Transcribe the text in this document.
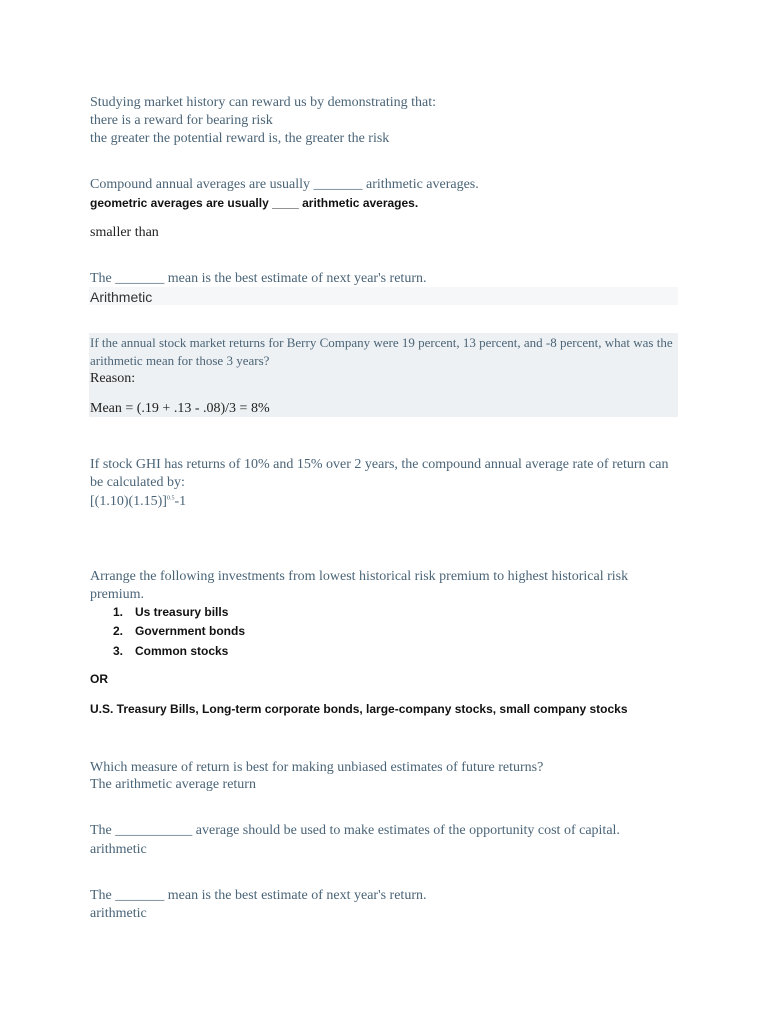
Studying market history can reward us by demonstrating that:
there is a reward for bearing risk
the greater the potential reward is, the greater the risk
Compound annual averages are usually _______ arithmetic averages.
geometric averages are usually ____ arithmetic averages.
smaller than
The _______ mean is the best estimate of next year's return.
Arithmetic
If the annual stock market returns for Berry Company were 19 percent, 13 percent, and -8 percent, what was the arithmetic mean for those 3 years?
Reason:
Mean = (.19 + .13 - .08)/3 = 8%
If stock GHI has returns of 10% and 15% over 2 years, the compound annual average rate of return can be calculated by:
$[(1.10)(1.15)]^{0.5}-1$
Arrange the following investments from lowest historical risk premium to highest historical risk premium.
1. Us treasury bills
2. Government bonds
3. Common stocks
OR
U.S. Treasury Bills, Long-term corporate bonds, large-company stocks, small company stocks
Which measure of return is best for making unbiased estimates of future returns?
The arithmetic average return
The ___________ average should be used to make estimates of the opportunity cost of capital.
arithmetic
The _______ mean is the best estimate of next year's return.
arithmetic
